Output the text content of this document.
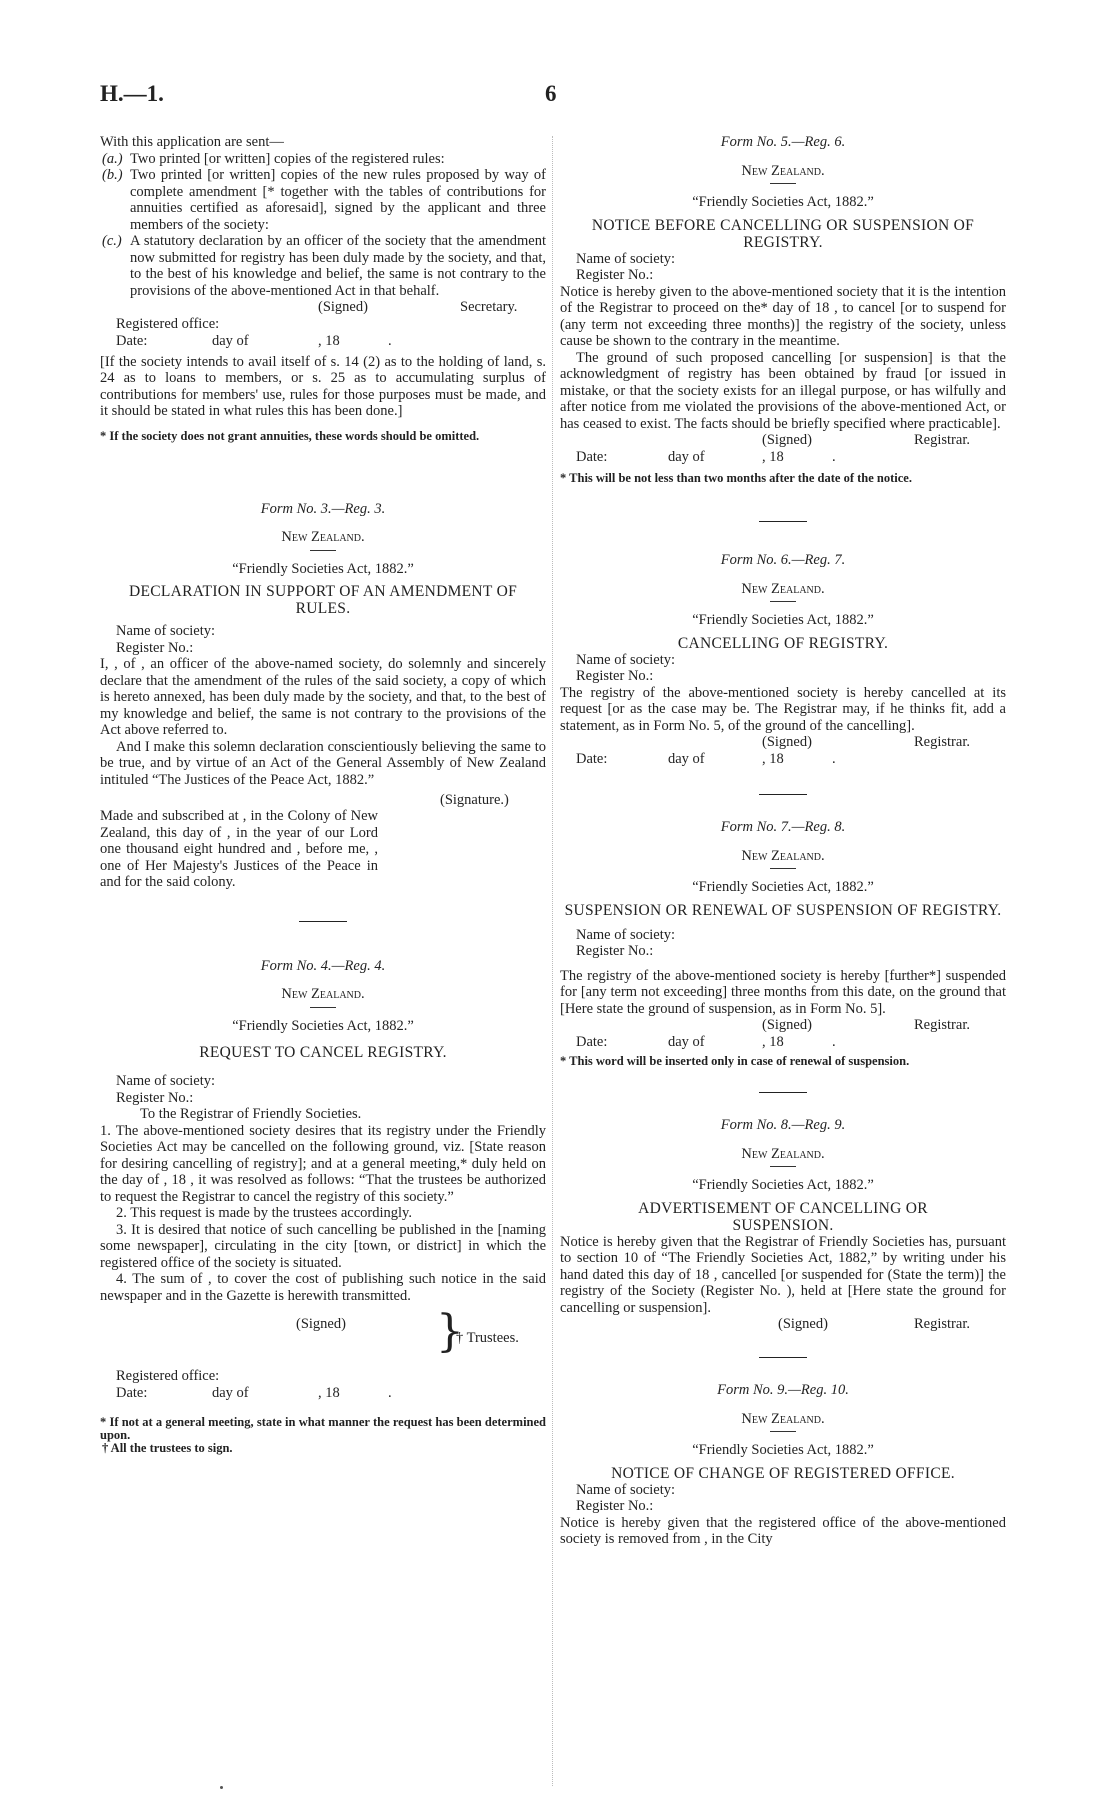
H.—1.	6

With this application are sent—

(a.) Two printed [or written] copies of the registered rules:

(b.) Two printed [or written] copies of the new rules proposed by way of complete amendment [* together with the tables of contributions for annuities certified as aforesaid], signed by the applicant and three members of the society:

(c.) A statutory declaration by an officer of the society that the amendment now submitted for registry has been duly made by the society, and that, to the best of his knowledge and belief, the same is not contrary to the provisions of the above-mentioned Act in that behalf.

(Signed)	Secretary.

Registered office:

Date:	day of	, 18	.

[If the society intends to avail itself of s. 14 (2) as to the holding of land, s. 24 as to loans to members, or s. 25 as to accumulating surplus of contributions for members' use, rules for those purposes must be made, and it should be stated in what rules this has been done.]

* If the society does not grant annuities, these words should be omitted.

Form No. 3.—Reg. 3.

New Zealand.

“Friendly Societies Act, 1882.”

DECLARATION IN SUPPORT OF AN AMENDMENT OF RULES.

Name of society:

Register No.:

I, , of , an officer of the above-named society, do solemnly and sincerely declare that the amendment of the rules of the said society, a copy of which is hereto annexed, has been duly made by the society, and that, to the best of my knowledge and belief, the same is not contrary to the provisions of the Act above referred to.

And I make this solemn declaration conscientiously believing the same to be true, and by virtue of an Act of the General Assembly of New Zealand intituled “The Justices of the Peace Act, 1882.”

(Signature.)

Made and subscribed at , in the Colony of New Zealand, this day of , in the year of our Lord one thousand eight hundred and , before me, , one of Her Majesty's Justices of the Peace in and for the said colony.

Form No. 4.—Reg. 4.

New Zealand.

“Friendly Societies Act, 1882.”

REQUEST TO CANCEL REGISTRY.

Name of society:

Register No.:

To the Registrar of Friendly Societies.

1. The above-mentioned society desires that its registry under the Friendly Societies Act may be cancelled on the following ground, viz. [State reason for desiring cancelling of registry]; and at a general meeting,* duly held on the day of , 18 , it was resolved as follows: “That the trustees be authorized to request the Registrar to cancel the registry of this society.”

2. This request is made by the trustees accordingly.

3. It is desired that notice of such cancelling be published in the [naming some newspaper], circulating in the city [town, or district] in which the registered office of the society is situated.

4. The sum of , to cover the cost of publishing such notice in the said newspaper and in the Gazette is herewith transmitted.

(Signed) }
† Trustees.

Registered office:

Date:	day of	, 18	.

* If not at a general meeting, state in what manner the request has been determined upon.

† All the trustees to sign.

Form No. 5.—Reg. 6.

New Zealand.

“Friendly Societies Act, 1882.”

NOTICE BEFORE CANCELLING OR SUSPENSION OF REGISTRY.

Name of society:

Register No.:

Notice is hereby given to the above-mentioned society that it is the intention of the Registrar to proceed on the* day of 18 , to cancel [or to suspend for (any term not exceeding three months)] the registry of the society, unless cause be shown to the contrary in the meantime.

The ground of such proposed cancelling [or suspension] is that the acknowledgment of registry has been obtained by fraud [or issued in mistake, or that the society exists for an illegal purpose, or has wilfully and after notice from me violated the provisions of the above-mentioned Act, or has ceased to exist. The facts should be briefly specified where practicable].

(Signed)	Registrar.
Date:	day of	, 18	.

* This will be not less than two months after the date of the notice.

Form No. 6.—Reg. 7.

New Zealand.

“Friendly Societies Act, 1882.”

CANCELLING OF REGISTRY.

Name of society:

Register No.:

The registry of the above-mentioned society is hereby cancelled at its request [or as the case may be. The Registrar may, if he thinks fit, add a statement, as in Form No. 5, of the ground of the cancelling].

(Signed)	Registrar.
Date:	day of	, 18	.

Form No. 7.—Reg. 8.

New Zealand.

“Friendly Societies Act, 1882.”

SUSPENSION OR RENEWAL OF SUSPENSION OF REGISTRY.

Name of society:

Register No.:

The registry of the above-mentioned society is hereby [further*] suspended for [any term not exceeding] three months from this date, on the ground that [Here state the ground of suspension, as in Form No. 5].

(Signed)	Registrar.
Date:	day of	, 18	.

* This word will be inserted only in case of renewal of suspension.

Form No. 8.—Reg. 9.

New Zealand.

“Friendly Societies Act, 1882.”

ADVERTISEMENT OF CANCELLING OR SUSPENSION.

Notice is hereby given that the Registrar of Friendly Societies has, pursuant to section 10 of “The Friendly Societies Act, 1882,” by writing under his hand dated this day of 18 , cancelled [or suspended for (State the term)] the registry of the Society (Register No. ), held at [Here state the ground for cancelling or suspension].

(Signed)	Registrar.

Form No. 9.—Reg. 10.

New Zealand.

“Friendly Societies Act, 1882.”

NOTICE OF CHANGE OF REGISTERED OFFICE.

Name of society:

Register No.:

Notice is hereby given that the registered office of the above-mentioned society is removed from , in the City
